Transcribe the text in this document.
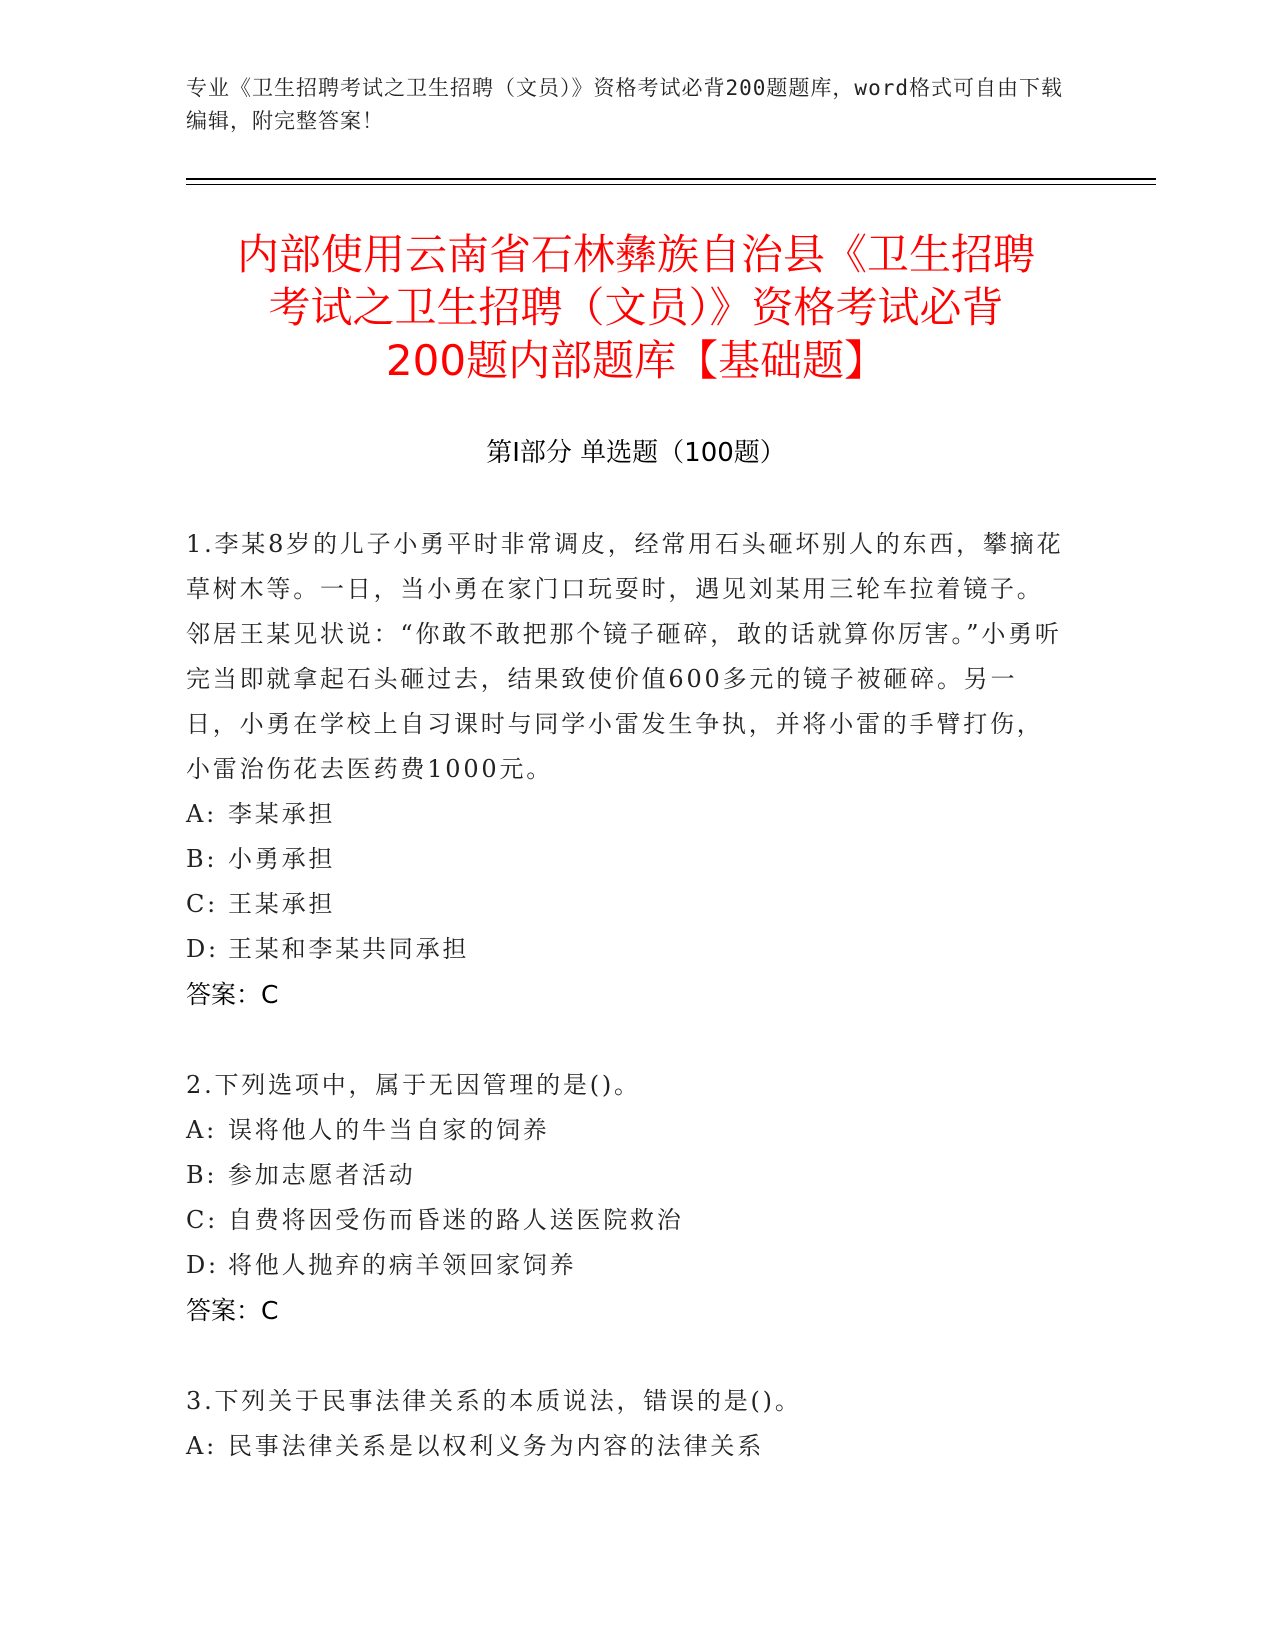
专业《卫生招聘考试之卫生招聘（文员）》资格考试必背200题题库，word格式可自由下载编辑，附完整答案！
内部使用云南省石林彝族自治县《卫生招聘
考试之卫生招聘（文员）》资格考试必背
200题内部题库【基础题】
第I部分 单选题（100题）
1.李某8岁的儿子小勇平时非常调皮，经常用石头砸坏别人的东西，攀摘花草树木等。一日，当小勇在家门口玩耍时，遇见刘某用三轮车拉着镜子。邻居王某见状说：“你敢不敢把那个镜子砸碎，敢的话就算你厉害。”小勇听完当即就拿起石头砸过去，结果致使价值600多元的镜子被砸碎。另一日，小勇在学校上自习课时与同学小雷发生争执，并将小雷的手臂打伤，小雷治伤花去医药费1000元。
A: 李某承担
B: 小勇承担
C: 王某承担
D: 王某和李某共同承担
答案：C
2.下列选项中，属于无因管理的是()。
A: 误将他人的牛当自家的饲养
B: 参加志愿者活动
C: 自费将因受伤而昏迷的路人送医院救治
D: 将他人抛弃的病羊领回家饲养
答案：C
3.下列关于民事法律关系的本质说法，错误的是()。
A: 民事法律关系是以权利义务为内容的法律关系
